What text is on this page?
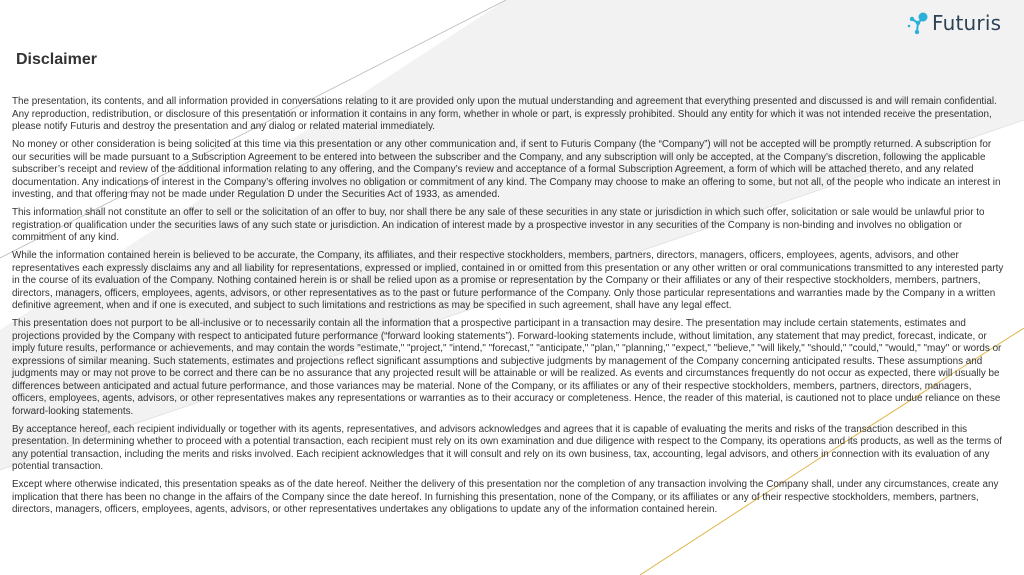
Futuris
Disclaimer

The presentation, its contents, and all information provided in conversations relating to it are provided only upon the mutual understanding and agreement that everything presented and discussed is and will remain confidential. Any reproduction, redistribution, or disclosure of this presentation or information it contains in any form, whether in whole or part, is expressly prohibited. Should any entity for which it was not intended receive the presentation, please notify Futuris and destroy the presentation and any dialog or related material immediately.

No money or other consideration is being solicited at this time via this presentation or any other communication and, if sent to Futuris Company (the “Company”) will not be accepted will be promptly returned. A subscription for our securities will be made pursuant to a Subscription Agreement to be entered into between the subscriber and the Company, and any subscription will only be accepted, at the Company’s discretion, following the applicable subscriber’s receipt and review of the additional information relating to any offering, and the Company’s review and acceptance of a formal Subscription Agreement, a form of which will be attached thereto, and any related documentation. Any indications of interest in the Company’s offering involves no obligation or commitment of any kind. The Company may choose to make an offering to some, but not all, of the people who indicate an interest in investing, and that offering may not be made under Regulation D under the Securities Act of 1933, as amended.

This information shall not constitute an offer to sell or the solicitation of an offer to buy, nor shall there be any sale of these securities in any state or jurisdiction in which such offer, solicitation or sale would be unlawful prior to registration or qualification under the securities laws of any such state or jurisdiction. An indication of interest made by a prospective investor in any securities of the Company is non-binding and involves no obligation or commitment of any kind.

While the information contained herein is believed to be accurate, the Company, its affiliates, and their respective stockholders, members, partners, directors, managers, officers, employees, agents, advisors, and other representatives each expressly disclaims any and all liability for representations, expressed or implied, contained in or omitted from this presentation or any other written or oral communications transmitted to any interested party in the course of its evaluation of the Company. Nothing contained herein is or shall be relied upon as a promise or representation by the Company or their affiliates or any of their respective stockholders, members, partners, directors, managers, officers, employees, agents, advisors, or other representatives as to the past or future performance of the Company. Only those particular representations and warranties made by the Company in a written definitive agreement, when and if one is executed, and subject to such limitations and restrictions as may be specified in such agreement, shall have any legal effect.

This presentation does not purport to be all-inclusive or to necessarily contain all the information that a prospective participant in a transaction may desire. The presentation may include certain statements, estimates and projections provided by the Company with respect to anticipated future performance (“forward looking statements”). Forward-looking statements include, without limitation, any statement that may predict, forecast, indicate, or imply future results, performance or achievements, and may contain the words "estimate," "project," "intend," "forecast," "anticipate," "plan," "planning," "expect," "believe," "will likely," "should," "could," "would," "may" or words or expressions of similar meaning. Such statements, estimates and projections reflect significant assumptions and subjective judgments by management of the Company concerning anticipated results. These assumptions and judgments may or may not prove to be correct and there can be no assurance that any projected result will be attainable or will be realized. As events and circumstances frequently do not occur as expected, there will usually be differences between anticipated and actual future performance, and those variances may be material. None of the Company, or its affiliates or any of their respective stockholders, members, partners, directors, managers, officers, employees, agents, advisors, or other representatives makes any representations or warranties as to their accuracy or completeness. Hence, the reader of this material, is cautioned not to place undue reliance on these forward-looking statements.

By acceptance hereof, each recipient individually or together with its agents, representatives, and advisors acknowledges and agrees that it is capable of evaluating the merits and risks of the transaction described in this presentation. In determining whether to proceed with a potential transaction, each recipient must rely on its own examination and due diligence with respect to the Company, its operations and its products, as well as the terms of any potential transaction, including the merits and risks involved. Each recipient acknowledges that it will consult and rely on its own business, tax, accounting, legal advisors, and others in connection with its evaluation of any potential transaction.

Except where otherwise indicated, this presentation speaks as of the date hereof. Neither the delivery of this presentation nor the completion of any transaction involving the Company shall, under any circumstances, create any implication that there has been no change in the affairs of the Company since the date hereof. In furnishing this presentation, none of the Company, or its affiliates or any of their respective stockholders, members, partners, directors, managers, officers, employees, agents, advisors, or other representatives undertakes any obligations to update any of the information contained herein.
